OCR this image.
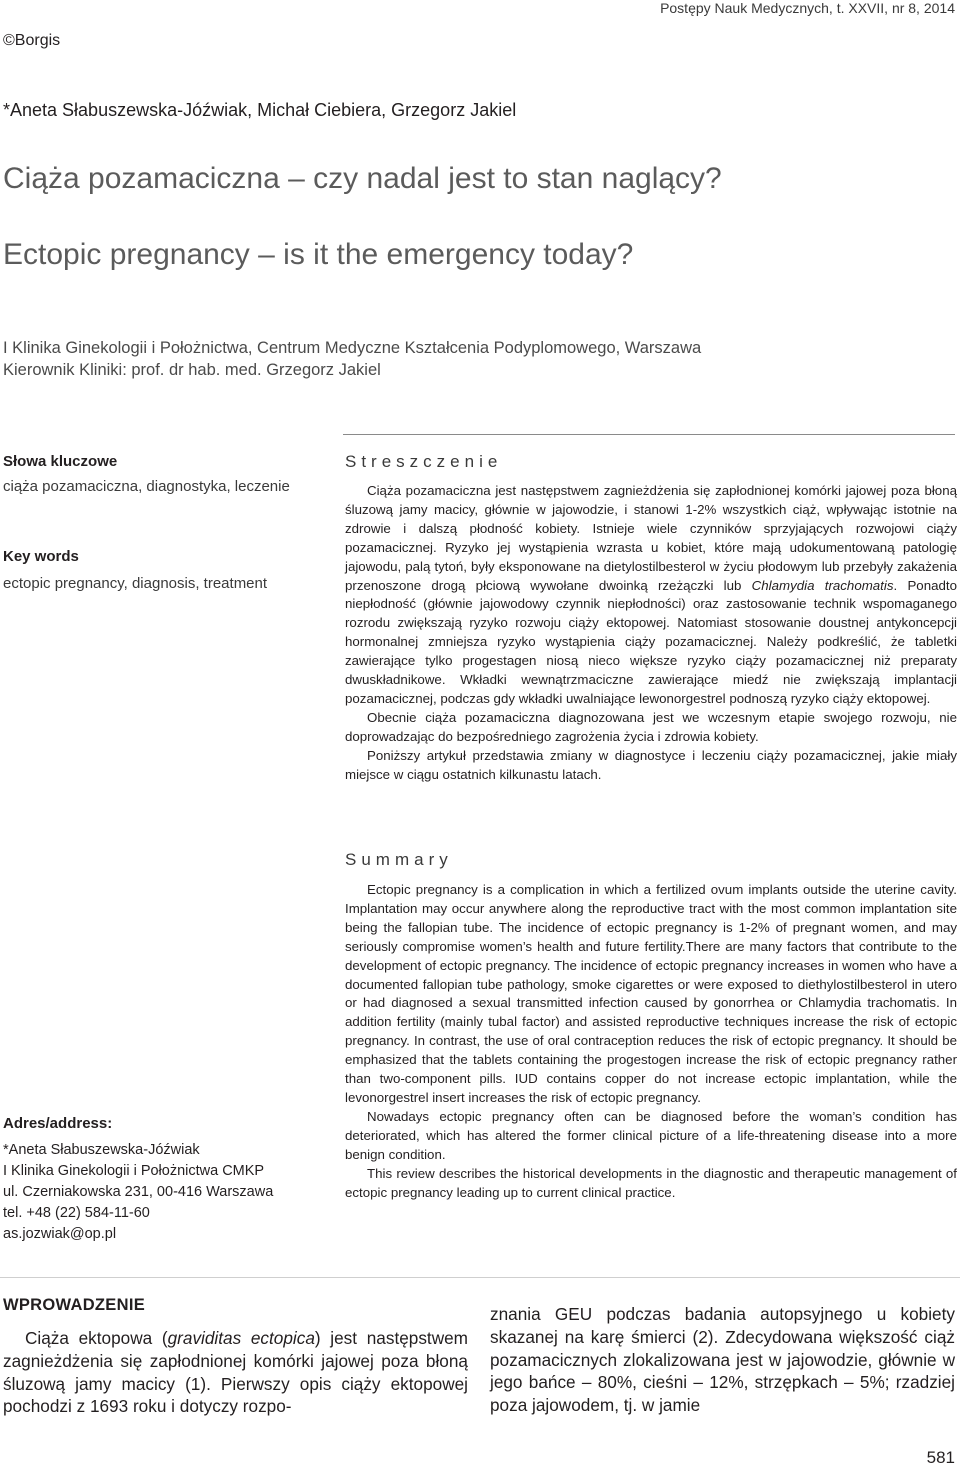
Postępy Nauk Medycznych, t. XXVII, nr 8, 2014
©Borgis
*Aneta Słabuszewska-Jóźwiak, Michał Ciebiera, Grzegorz Jakiel
Ciąża pozamaciczna – czy nadal jest to stan naglący?
Ectopic pregnancy – is it the emergency today?
I Klinika Ginekologii i Położnictwa, Centrum Medyczne Kształcenia Podyplomowego, Warszawa
Kierownik Kliniki: prof. dr hab. med. Grzegorz Jakiel
Słowa kluczowe
ciąża pozamaciczna, diagnostyka, leczenie
Key words
ectopic pregnancy, diagnosis, treatment
Streszczenie

Ciąża pozamaciczna jest następstwem zagnieżdżenia się zapłodnionej komórki jajowej poza błoną śluzową jamy macicy, głównie w jajowodzie, i stanowi 1-2% wszystkich ciąż, wpływając istotnie na zdrowie i dalszą płodność kobiety. Istnieje wiele czynników sprzyjających rozwojowi ciąży pozamacicznej. Ryzyko jej wystąpienia wzrasta u kobiet, które mają udokumentowaną patologię jajowodu, palą tytoń, były eksponowane na dietylostilbesterol w życiu płodowym lub przebyły zakażenia przenoszone drogą płciową wywołane dwoinką rzeżączki lub Chlamydia trachomatis. Ponadto niepłodność (głównie jajowodowy czynnik niepłodności) oraz zastosowanie technik wspomaganego rozrodu zwiększają ryzyko rozwoju ciąży ektopowej. Natomiast stosowanie doustnej antykoncepcji hormonalnej zmniejsza ryzyko wystąpienia ciąży pozamacicznej. Należy podkreślić, że tabletki zawierające tylko progestagen niosą nieco większe ryzyko ciąży pozamacicznej niż preparaty dwuskładnikowe. Wkładki wewnątrzmaciczne zawierające miedź nie zwiększają implantacji pozamacicznej, podczas gdy wkładki uwalniające lewonorgestrel podnoszą ryzyko ciąży ektopowej.

Obecnie ciąża pozamaciczna diagnozowana jest we wczesnym etapie swojego rozwoju, nie doprowadzając do bezpośredniego zagrożenia życia i zdrowia kobiety.

Poniższy artykuł przedstawia zmiany w diagnostyce i leczeniu ciąży pozamacicznej, jakie miały miejsce w ciągu ostatnich kilkunastu latach.

Summary

Ectopic pregnancy is a complication in which a fertilized ovum implants outside the uterine cavity. Implantation may occur anywhere along the reproductive tract with the most common implantation site being the fallopian tube. The incidence of ectopic pregnancy is 1-2% of pregnant women, and may seriously compromise women’s health and future fertility.There are many factors that contribute to the development of ectopic pregnancy. The incidence of ectopic pregnancy increases in women who have a documented fallopian tube pathology, smoke cigarettes or were exposed to diethylostilbesterol in utero or had diagnosed a sexual transmitted infection caused by gonorrhea or Chlamydia trachomatis. In addition fertility (mainly tubal factor) and assisted reproductive techniques increase the risk of ectopic pregnancy. In contrast, the use of oral contraception reduces the risk of ectopic pregnancy. It should be emphasized that the tablets containing the progestogen increase the risk of ectopic pregnancy rather than two-component pills. IUD contains copper do not increase ectopic implantation, while the levonorgestrel insert increases the risk of ectopic pregnancy.

Nowadays ectopic pregnancy often can be diagnosed before the woman’s condition has deteriorated, which has altered the former clinical picture of a life-threatening disease into a more benign condition.

This review describes the historical developments in the diagnostic and therapeutic management of ectopic pregnancy leading up to current clinical practice.

Adres/address:
*Aneta Słabuszewska-Jóźwiak
I Klinika Ginekologii i Położnictwa CMKP
ul. Czerniakowska 231, 00-416 Warszawa
tel. +48 (22) 584-11-60
as.jozwiak@op.pl
WPROWADZENIE

Ciąża ektopowa (graviditas ectopica) jest następstwem zagnieżdżenia się zapłodnionej komórki jajowej poza błoną śluzową jamy macicy (1). Pierwszy opis ciąży ektopowej pochodzi z 1693 roku i dotyczy rozpo-

znania GEU podczas badania autopsyjnego u kobiety skazanej na karę śmierci (2). Zdecydowana większość ciąż pozamacicznych zlokalizowana jest w jajowodzie, głównie w jego bańce – 80%, cieśni – 12%, strzępkach – 5%; rzadziej poza jajowodem, tj. w jamie

581
